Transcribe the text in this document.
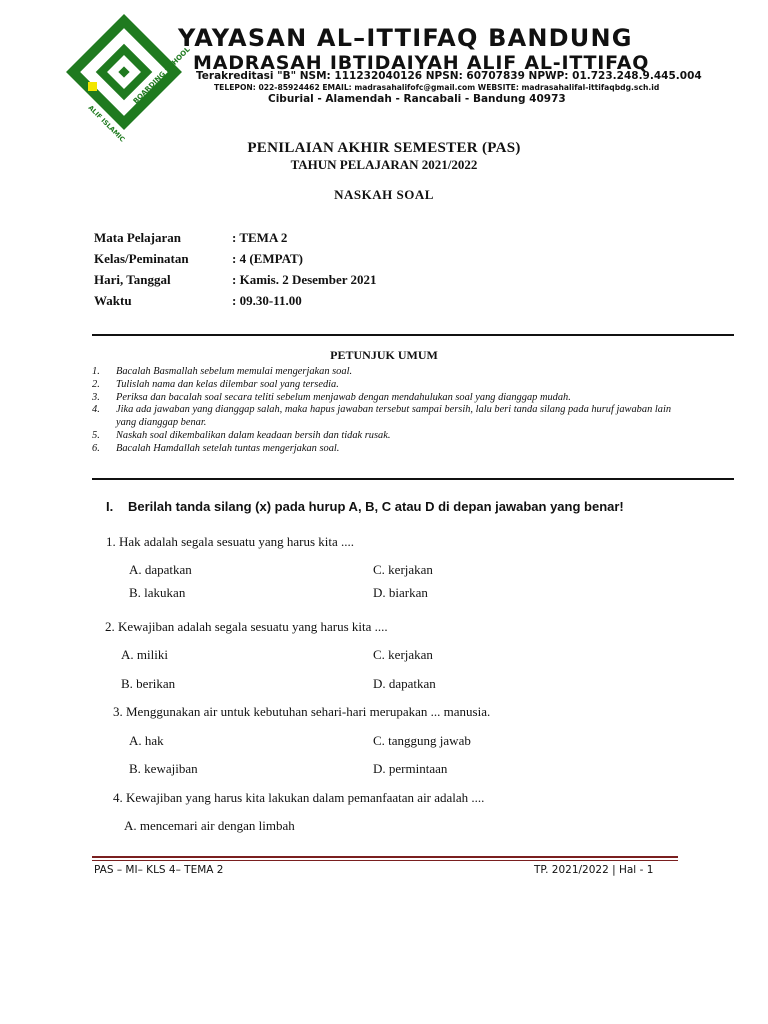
BOARDING SCHOOL
ALIF ISLAMIC
YAYASAN AL–ITTIFAQ BANDUNG
MADRASAH IBTIDAIYAH ALIF AL-ITTIFAQ
Terakreditasi "B" NSM: 111232040126 NPSN: 60707839 NPWP: 01.723.248.9.445.004
TELEPON: 022-85924462 EMAIL: madrasahalifofc@gmail.com WEBSITE: madrasahalifal-ittifaqbdg.sch.id
Ciburial - Alamendah - Rancabali - Bandung 40973
PENILAIAN AKHIR SEMESTER (PAS)
TAHUN PELAJARAN 2021/2022
NASKAH SOAL
Mata Pelajaran	: TEMA 2
Kelas/Peminatan	: 4 (EMPAT)
Hari, Tanggal	: Kamis. 2 Desember 2021
Waktu	: 09.30-11.00
PETUNJUK UMUM
1. Bacalah Basmallah sebelum memulai mengerjakan soal.
2. Tulislah nama dan kelas dilembar soal yang tersedia.
3. Periksa dan bacalah soal secara teliti sebelum menjawab dengan mendahulukan soal yang dianggap mudah.
4. Jika ada jawaban yang dianggap salah, maka hapus jawaban tersebut sampai bersih, lalu beri tanda silang pada huruf jawaban lain yang dianggap benar.
5. Naskah soal dikembalikan dalam keadaan bersih dan tidak rusak.
6. Bacalah Hamdallah setelah tuntas mengerjakan soal.
I. Berilah tanda silang (x) pada hurup A, B, C atau D di depan jawaban yang benar!
1. Hak adalah segala sesuatu yang harus kita ....
A. dapatkan	C. kerjakan
B. lakukan	D. biarkan
2. Kewajiban adalah segala sesuatu yang harus kita ....
A. miliki	C. kerjakan
B. berikan	D. dapatkan
3. Menggunakan air untuk kebutuhan sehari-hari merupakan ... manusia.
A. hak	C. tanggung jawab
B. kewajiban	D. permintaan
4. Kewajiban yang harus kita lakukan dalam pemanfaatan air adalah ....
A. mencemari air dengan limbah
PAS – MI– KLS 4– TEMA 2	TP. 2021/2022 | Hal - 1
